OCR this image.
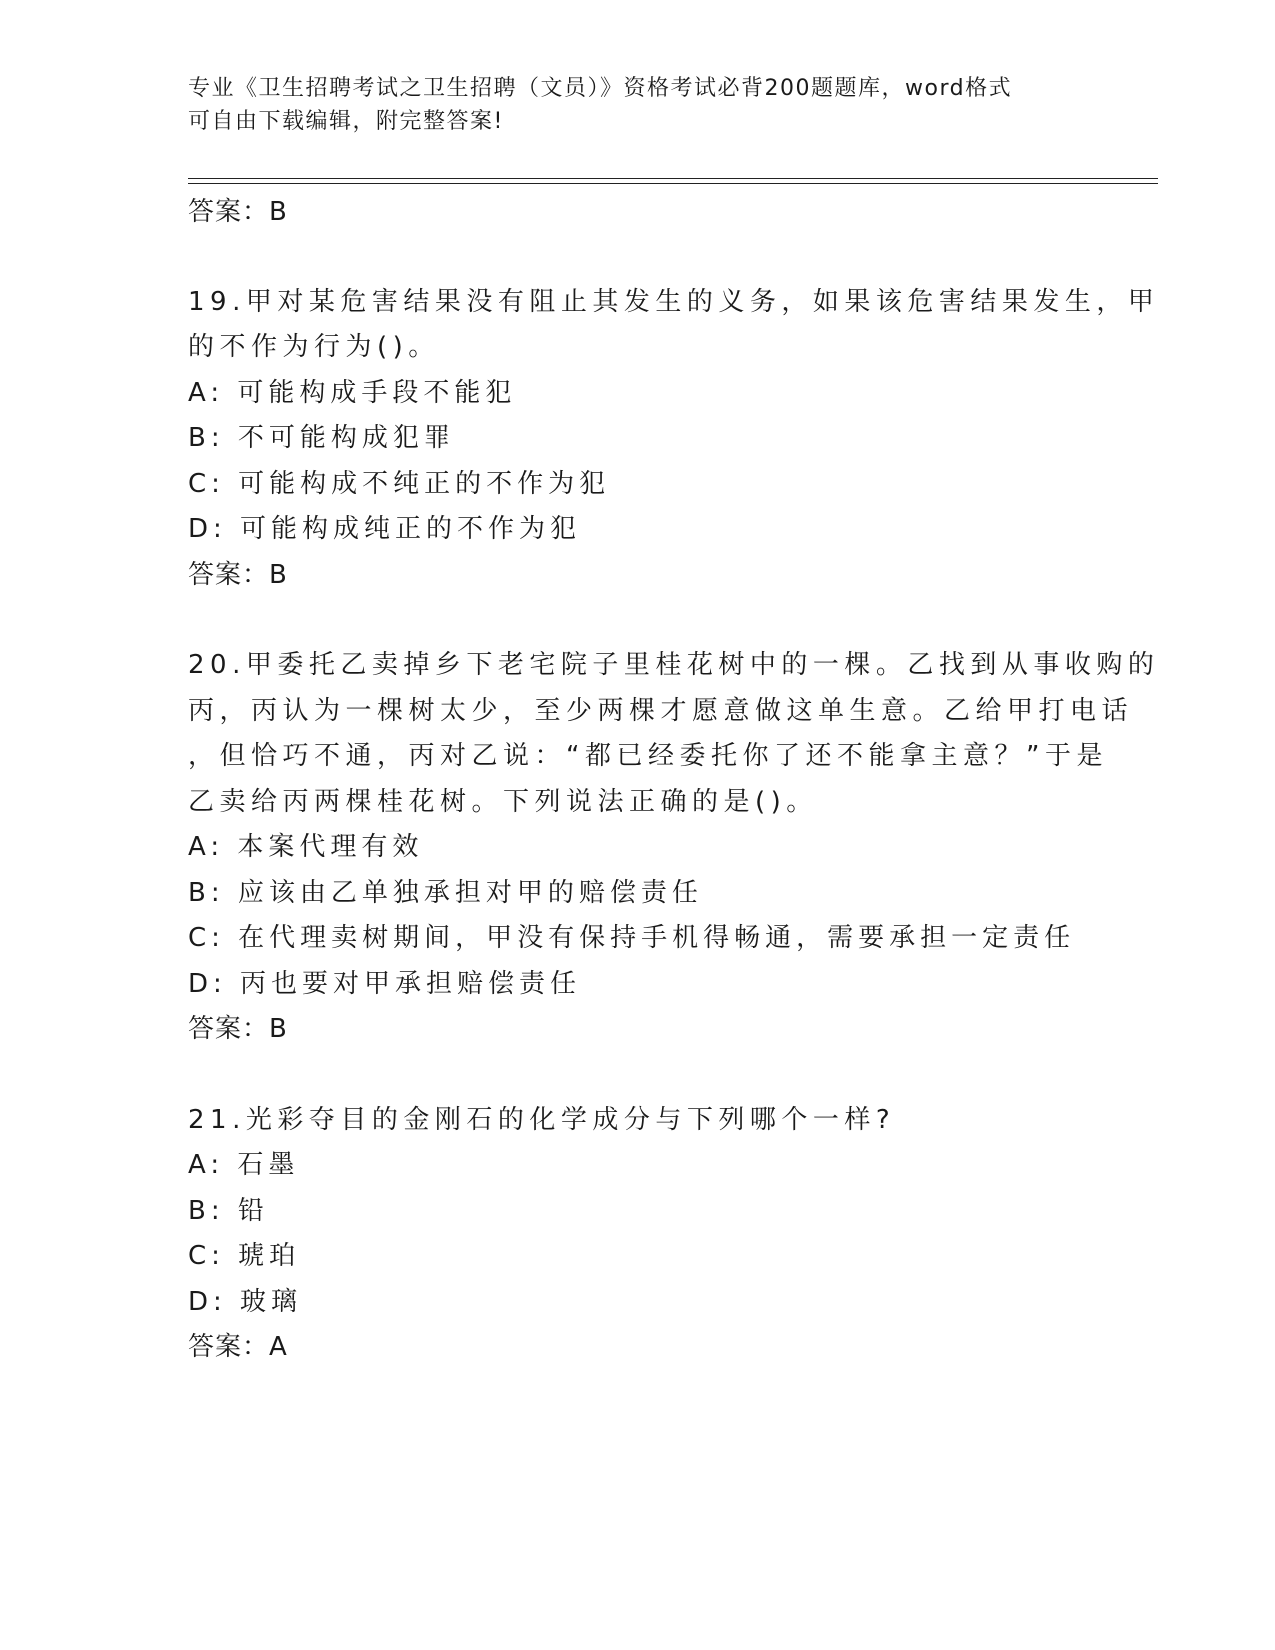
专业《卫生招聘考试之卫生招聘（文员）》资格考试必背200题题库，word格式
可自由下载编辑，附完整答案!
答案：B
19.甲对某危害结果没有阻止其发生的义务，如果该危害结果发生，甲
的不作为行为()。
A: 可能构成手段不能犯
B: 不可能构成犯罪
C: 可能构成不纯正的不作为犯
D: 可能构成纯正的不作为犯
答案：B
20.甲委托乙卖掉乡下老宅院子里桂花树中的一棵。乙找到从事收购的
丙，丙认为一棵树太少，至少两棵才愿意做这单生意。乙给甲打电话
，但恰巧不通，丙对乙说：“都已经委托你了还不能拿主意？”于是
乙卖给丙两棵桂花树。下列说法正确的是()。
A: 本案代理有效
B: 应该由乙单独承担对甲的赔偿责任
C: 在代理卖树期间，甲没有保持手机得畅通，需要承担一定责任
D: 丙也要对甲承担赔偿责任
答案：B
21.光彩夺目的金刚石的化学成分与下列哪个一样?
A: 石墨
B: 铅
C: 琥珀
D: 玻璃
答案：A
